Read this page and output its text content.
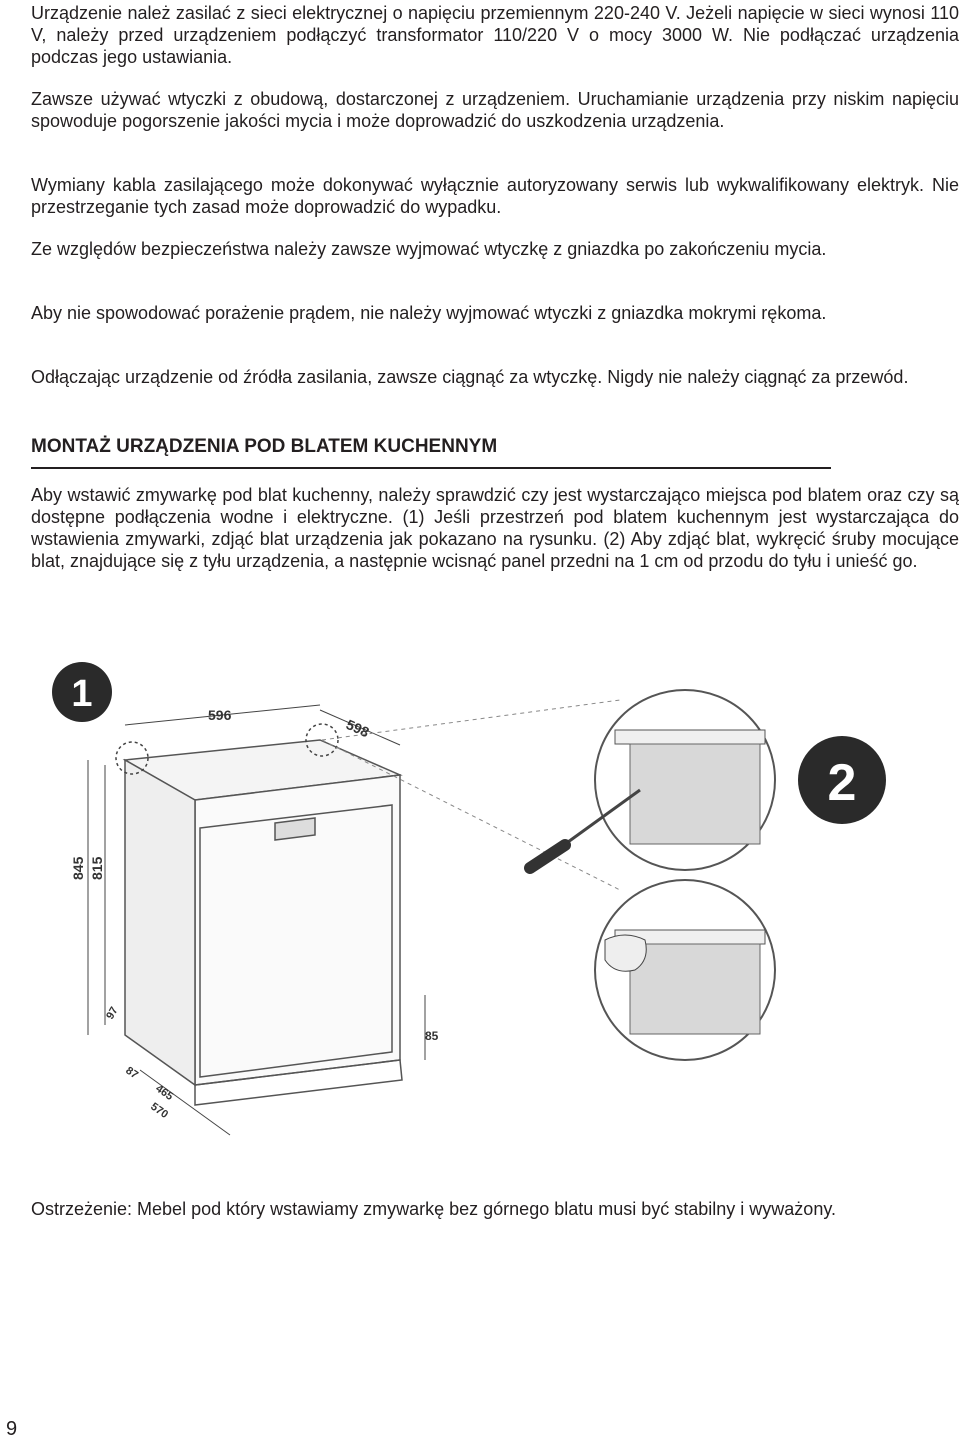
Urządzenie należ zasilać z sieci elektrycznej o napięciu przemiennym 220-240 V. Jeżeli napięcie w sieci wynosi 110 V, należy przed urządzeniem podłączyć transformator 110/220 V o mocy 3000 W. Nie podłączać urządzenia podczas jego ustawiania.

Zawsze używać wtyczki z obudową, dostarczonej z urządzeniem. Uruchamianie urządzenia przy niskim napięciu spowoduje pogorszenie jakości mycia i może doprowadzić do uszkodzenia urządzenia.

Wymiany kabla zasilającego może dokonywać wyłącznie autoryzowany serwis lub wykwalifikowany elektryk. Nie przestrzeganie tych zasad może doprowadzić do wypadku.

Ze względów bezpieczeństwa należy zawsze wyjmować wtyczkę z gniazdka po zakończeniu mycia.

Aby nie spowodować porażenie prądem, nie należy wyjmować wtyczki z gniazdka mokrymi rękoma.

Odłączając urządzenie od źródła zasilania, zawsze ciągnąć za wtyczkę. Nigdy nie należy ciągnąć za przewód.

MONTAŻ URZĄDZENIA POD BLATEM KUCHENNYM

Aby wstawić zmywarkę pod blat kuchenny, należy sprawdzić czy jest wystarczająco miejsca pod blatem oraz czy są dostępne podłączenia wodne i elektryczne. (1) Jeśli przestrzeń pod blatem kuchennym jest wystarczająca do wstawienia zmywarki, zdjąć blat urządzenia jak pokazano na rysunku. (2) Aby zdjąć blat, wykręcić śruby mocujące blat, znajdujące się z tyłu urządzenia, a następnie wcisnąć panel przedni na 1 cm od przodu do tyłu i unieść go.

1	596
598
845 815
97
85
87
465
570
2

Ostrzeżenie: Mebel pod który wstawiamy zmywarkę bez górnego blatu musi być stabilny i wyważony.

9
